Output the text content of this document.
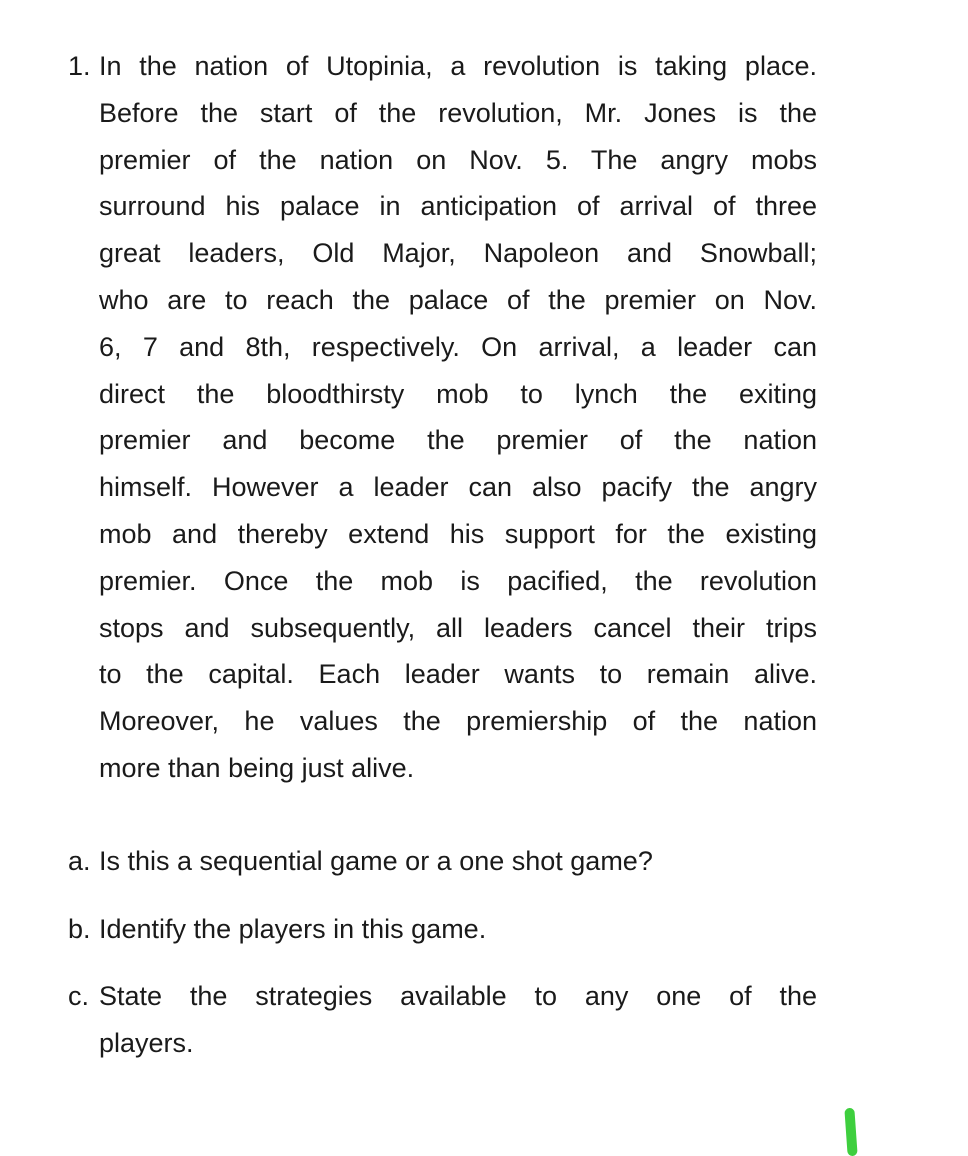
1. In the nation of Utopinia, a revolution is taking place.
Before the start of the revolution, Mr. Jones is the
premier of the nation on Nov. 5. The angry mobs
surround his palace in anticipation of arrival of three
great leaders, Old Major, Napoleon and Snowball;
who are to reach the palace of the premier on Nov.
6, 7 and 8th, respectively. On arrival, a leader can
direct the bloodthirsty mob to lynch the exiting
premier and become the premier of the nation
himself. However a leader can also pacify the angry
mob and thereby extend his support for the existing
premier. Once the mob is pacified, the revolution
stops and subsequently, all leaders cancel their trips
to the capital. Each leader wants to remain alive.
Moreover, he values the premiership of the nation
more than being just alive.
a. Is this a sequential game or a one shot game?
b. Identify the players in this game.
c. State the strategies available to any one of the
players.
